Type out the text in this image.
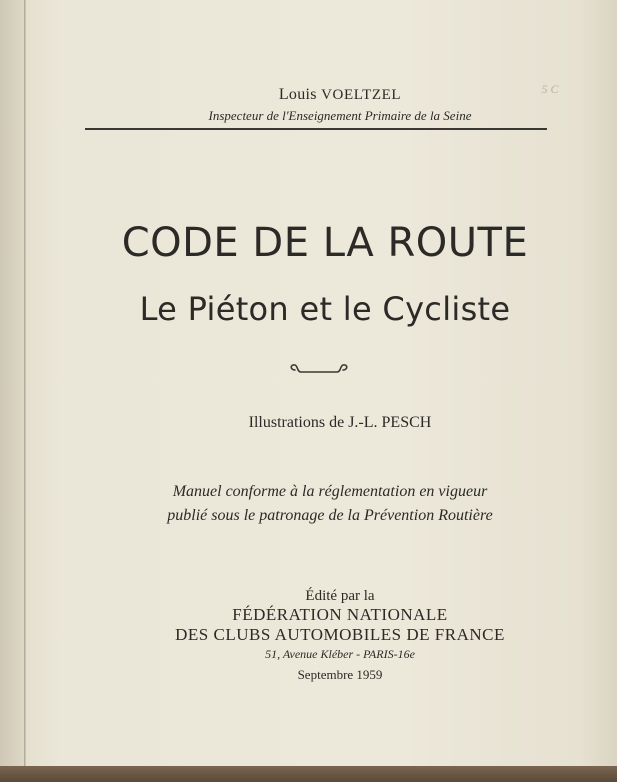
5 C
Louis VOELTZEL
Inspecteur de l'Enseignement Primaire de la Seine
CODE DE LA ROUTE
Le Piéton et le Cycliste
Illustrations de J.-L. PESCH
Manuel conforme à la réglementation en vigueur
publié sous le patronage de la Prévention Routière
Édité par la
FÉDÉRATION NATIONALE
DES CLUBS AUTOMOBILES DE FRANCE
51, Avenue Kléber - PARIS-16e
Septembre 1959
